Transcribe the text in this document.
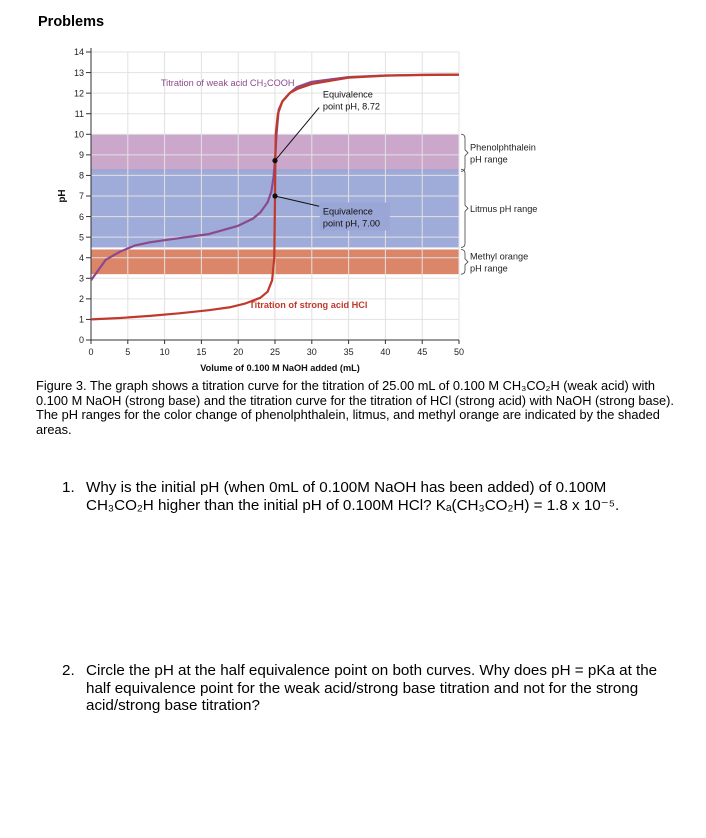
Problems
0
1
2
3
4
5
6
7
8
9
10
11
12
13
14
0	5	10	15	20	25	30	35	40	45	50
Volume of 0.100 M NaOH added (mL)
pH
Titration of weak acid CH₃COOH
Titration of strong acid HCl
Equivalence
point pH, 8.72
Equivalence
point pH, 7.00
Phenolphthalein
pH range
Litmus pH range
Methyl orange
pH range
Figure 3. The graph shows a titration curve for the titration of 25.00 mL of 0.100 M CH₃CO₂H (weak acid) with 0.100 M NaOH (strong base) and the titration curve for the titration of HCl (strong acid) with NaOH (strong base). The pH ranges for the color change of phenolphthalein, litmus, and methyl orange are indicated by the shaded areas.
1. Why is the initial pH (when 0mL of 0.100M NaOH has been added) of 0.100M CH₃CO₂H higher than the initial pH of 0.100M HCl? Kₐ(CH₃CO₂H) = 1.8 x 10⁻⁵.
2. Circle the pH at the half equivalence point on both curves. Why does pH = pKa at the half equivalence point for the weak acid/strong base titration and not for the strong acid/strong base titration?
